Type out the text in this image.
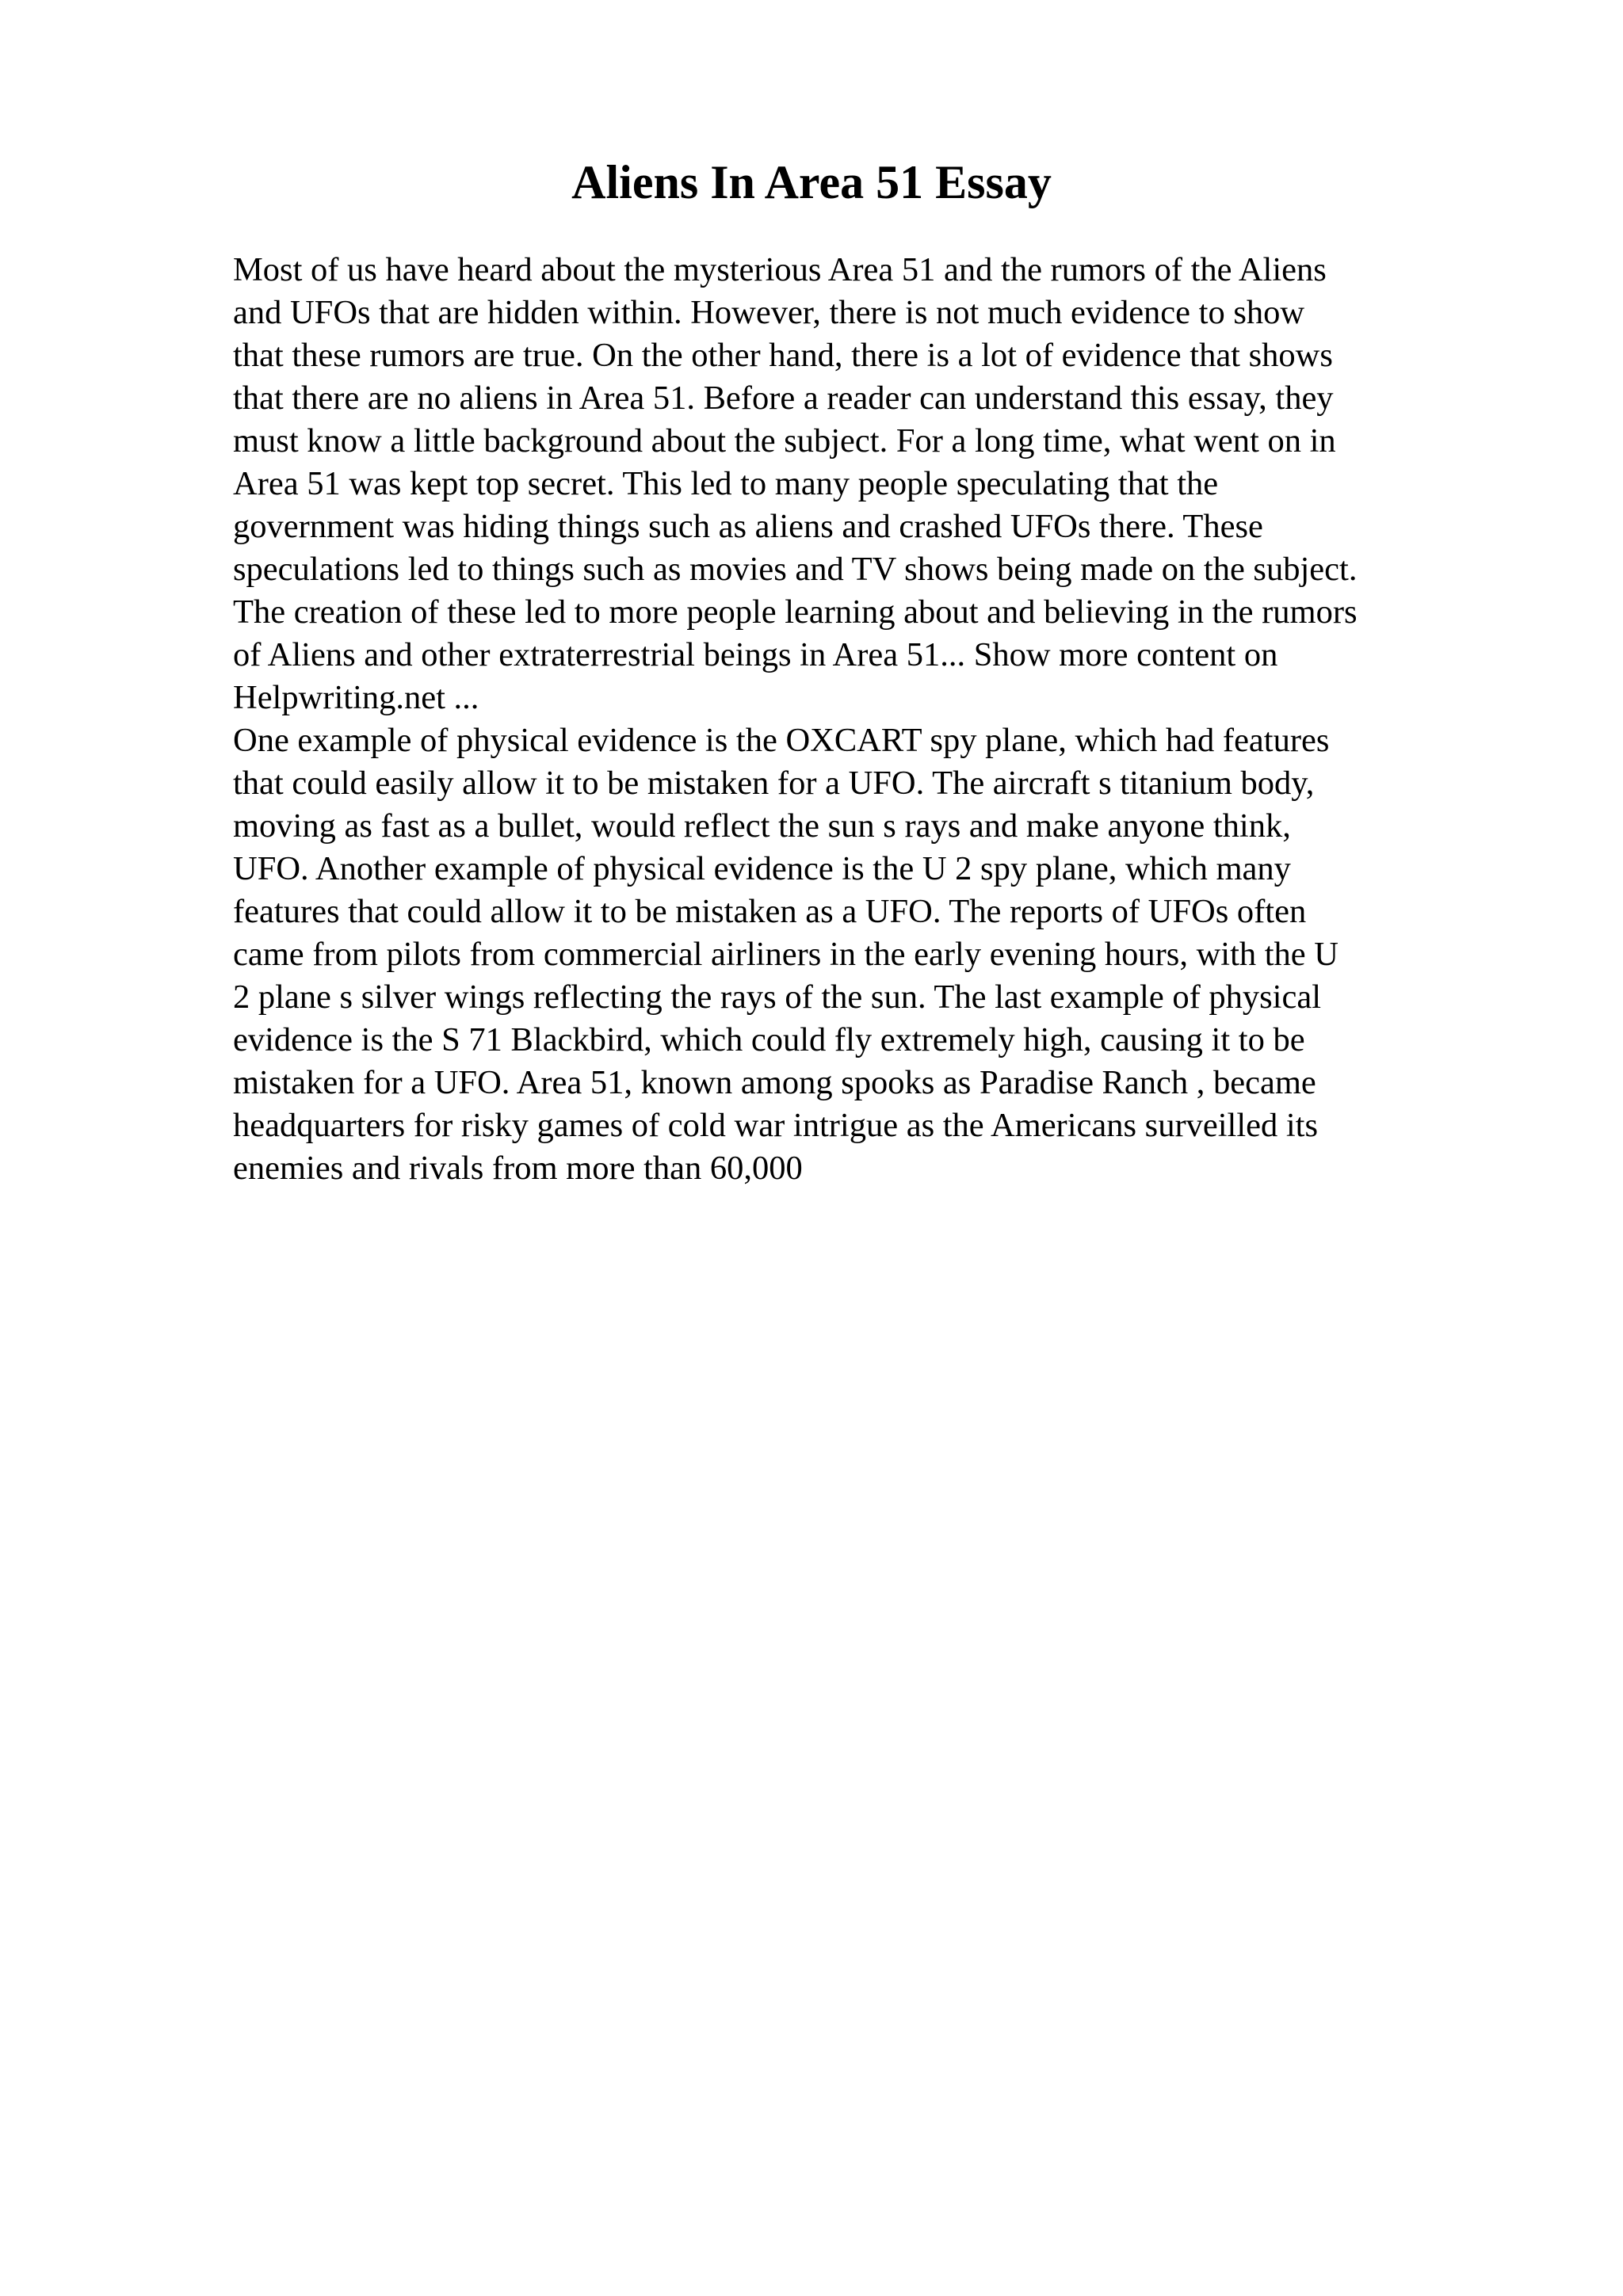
Aliens In Area 51 Essay
Most of us have heard about the mysterious Area 51 and the rumors of the Aliens
and UFOs that are hidden within. However, there is not much evidence to show
that these rumors are true. On the other hand, there is a lot of evidence that shows
that there are no aliens in Area 51. Before a reader can understand this essay, they
must know a little background about the subject. For a long time, what went on in
Area 51 was kept top secret. This led to many people speculating that the
government was hiding things such as aliens and crashed UFOs there. These
speculations led to things such as movies and TV shows being made on the subject.
The creation of these led to more people learning about and believing in the rumors
of Aliens and other extraterrestrial beings in Area 51... Show more content on
Helpwriting.net ...
One example of physical evidence is the OXCART spy plane, which had features
that could easily allow it to be mistaken for a UFO. The aircraft s titanium body,
moving as fast as a bullet, would reflect the sun s rays and make anyone think,
UFO. Another example of physical evidence is the U 2 spy plane, which many
features that could allow it to be mistaken as a UFO. The reports of UFOs often
came from pilots from commercial airliners in the early evening hours, with the U
2 plane s silver wings reflecting the rays of the sun. The last example of physical
evidence is the S 71 Blackbird, which could fly extremely high, causing it to be
mistaken for a UFO. Area 51, known among spooks as Paradise Ranch , became
headquarters for risky games of cold war intrigue as the Americans surveilled its
enemies and rivals from more than 60,000
